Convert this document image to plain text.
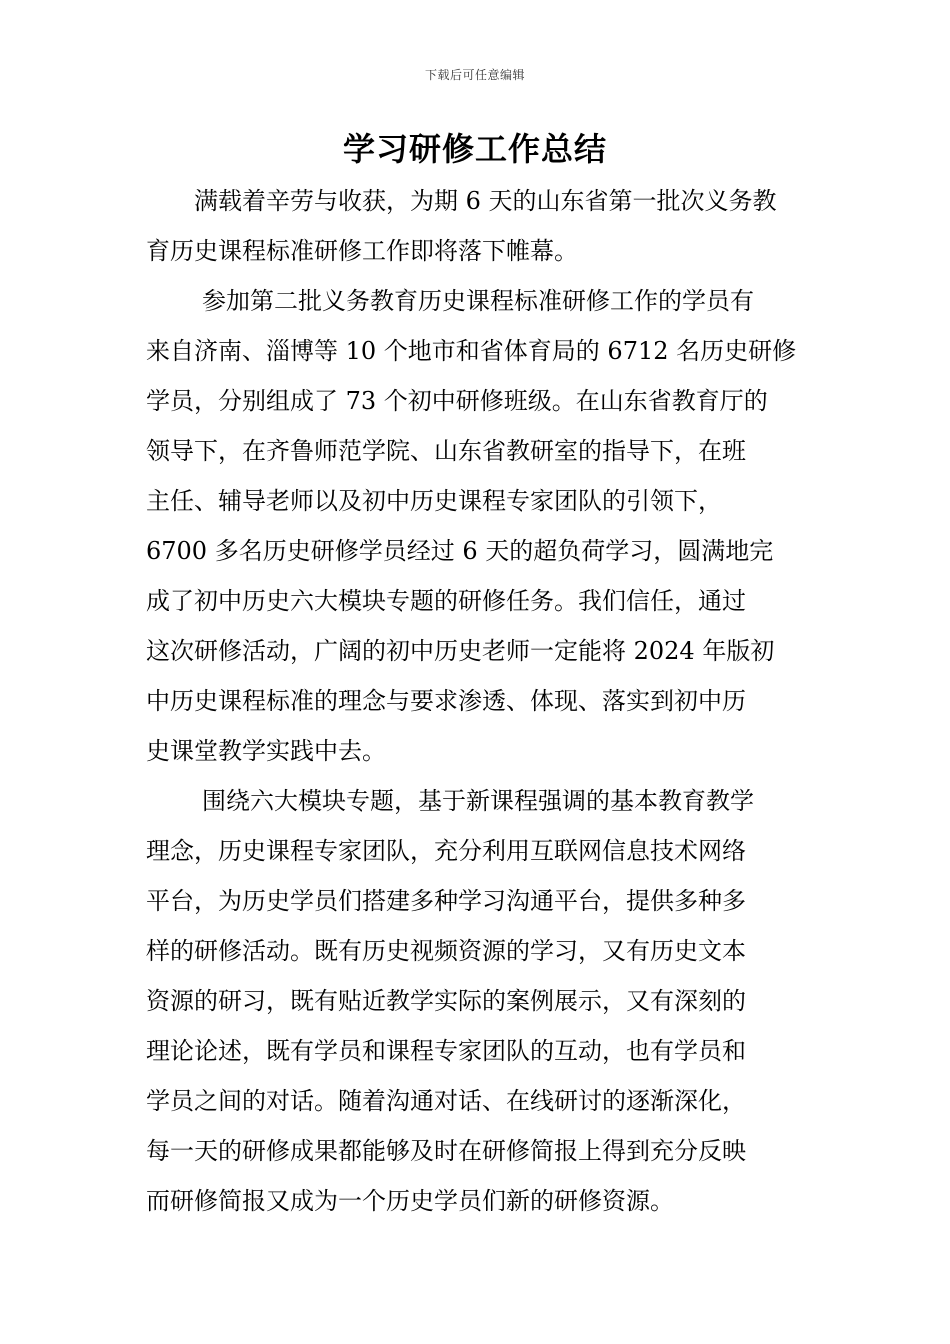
下载后可任意编辑
学习研修工作总结
满载着辛劳与收获，为期 6 天的山东省第一批次义务教
育历史课程标准研修工作即将落下帷幕。
参加第二批义务教育历史课程标准研修工作的学员有
来自济南、淄博等 10 个地市和省体育局的 6712 名历史研修
学员，分别组成了 73 个初中研修班级。在山东省教育厅的
领导下，在齐鲁师范学院、山东省教研室的指导下，在班
主任、辅导老师以及初中历史课程专家团队的引领下，
6700 多名历史研修学员经过 6 天的超负荷学习，圆满地完
成了初中历史六大模块专题的研修任务。我们信任，通过
这次研修活动，广阔的初中历史老师一定能将 2024 年版初
中历史课程标准的理念与要求渗透、体现、落实到初中历
史课堂教学实践中去。
围绕六大模块专题，基于新课程强调的基本教育教学
理念，历史课程专家团队，充分利用互联网信息技术网络
平台，为历史学员们搭建多种学习沟通平台，提供多种多
样的研修活动。既有历史视频资源的学习，又有历史文本
资源的研习，既有贴近教学实际的案例展示，又有深刻的
理论论述，既有学员和课程专家团队的互动，也有学员和
学员之间的对话。随着沟通对话、在线研讨的逐渐深化，
每一天的研修成果都能够及时在研修简报上得到充分反映
而研修简报又成为一个历史学员们新的研修资源。
